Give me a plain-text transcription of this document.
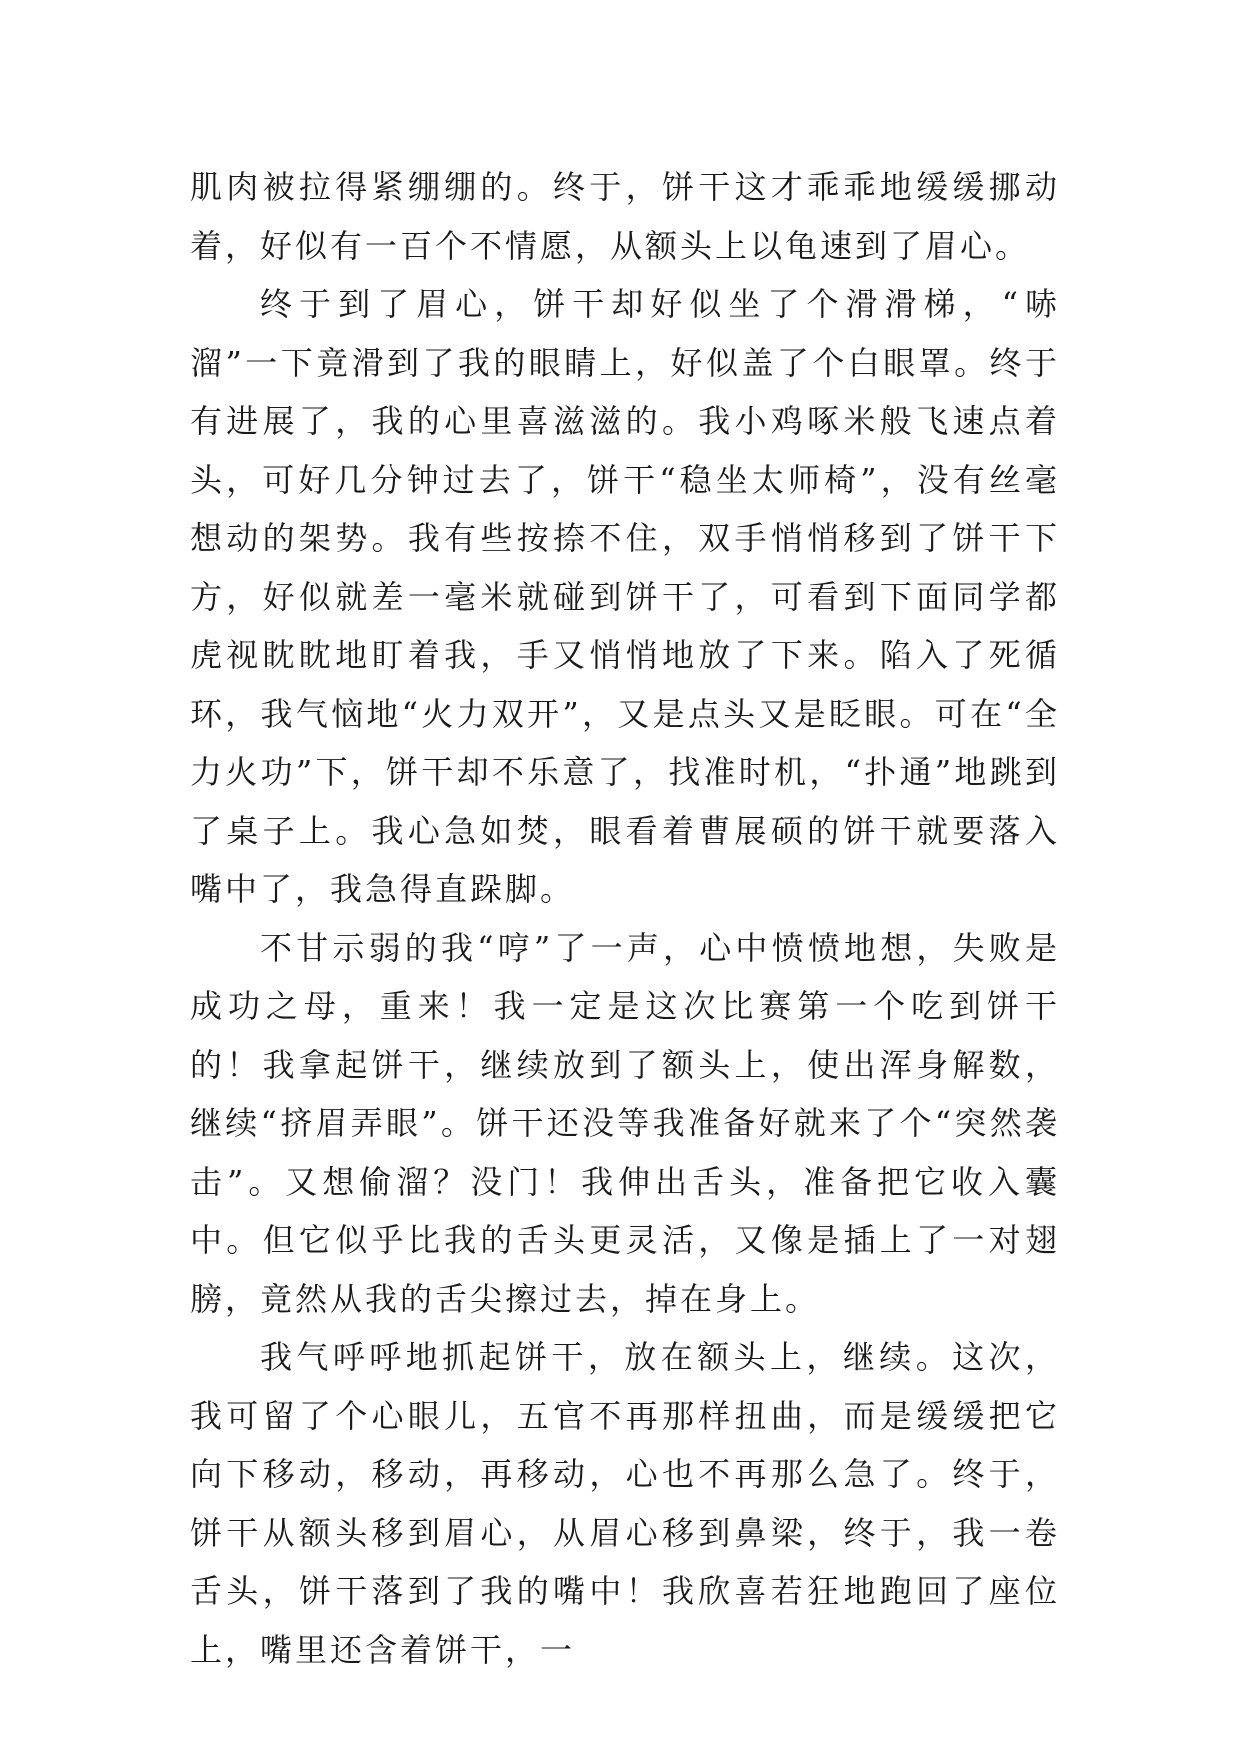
肌肉被拉得紧绷绷的。终于，饼干这才乖乖地缓缓挪动着，好似有一百个不情愿，从额头上以龟速到了眉心。

终于到了眉心，饼干却好似坐了个滑滑梯，“哧溜”一下竟滑到了我的眼睛上，好似盖了个白眼罩。终于有进展了，我的心里喜滋滋的。我小鸡啄米般飞速点着头，可好几分钟过去了，饼干“稳坐太师椅”，没有丝毫想动的架势。我有些按捺不住，双手悄悄移到了饼干下方，好似就差一毫米就碰到饼干了，可看到下面同学都虎视眈眈地盯着我，手又悄悄地放了下来。陷入了死循环，我气恼地“火力双开”，又是点头又是眨眼。可在“全力火功”下，饼干却不乐意了，找准时机，“扑通”地跳到了桌子上。我心急如焚，眼看着曹展硕的饼干就要落入嘴中了，我急得直跺脚。

不甘示弱的我“哼”了一声，心中愤愤地想，失败是成功之母，重来！我一定是这次比赛第一个吃到饼干的！我拿起饼干，继续放到了额头上，使出浑身解数，继续“挤眉弄眼”。饼干还没等我准备好就来了个“突然袭击”。又想偷溜？没门！我伸出舌头，准备把它收入囊中。但它似乎比我的舌头更灵活，又像是插上了一对翅膀，竟然从我的舌尖擦过去，掉在身上。

我气呼呼地抓起饼干，放在额头上，继续。这次，我可留了个心眼儿，五官不再那样扭曲，而是缓缓把它向下移动，移动，再移动，心也不再那么急了。终于，饼干从额头移到眉心，从眉心移到鼻梁，终于，我一卷舌头，饼干落到了我的嘴中！我欣喜若狂地跑回了座位上，嘴里还含着饼干，一
